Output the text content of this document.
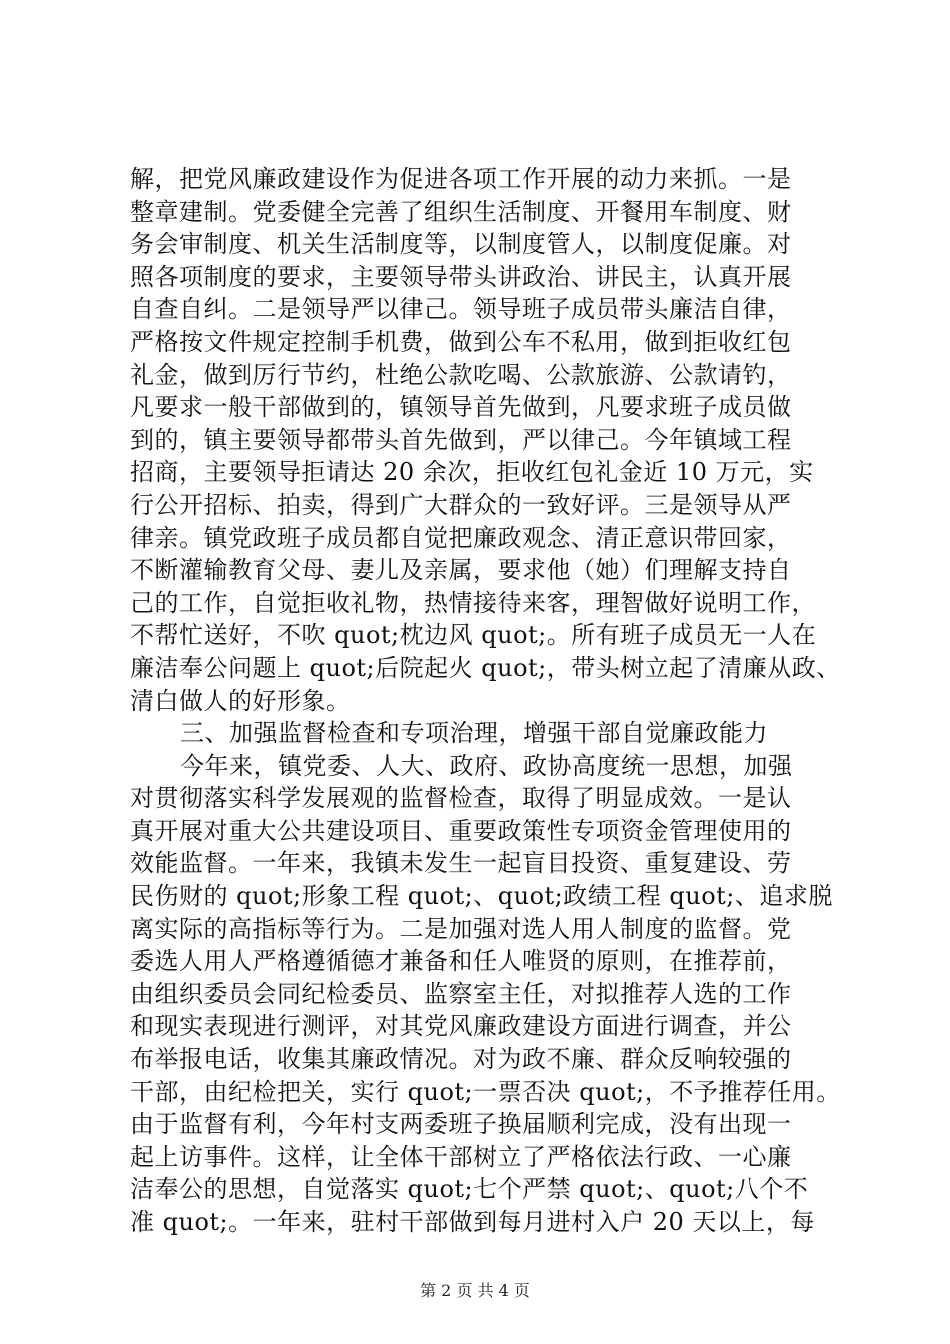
解，把党风廉政建设作为促进各项工作开展的动力来抓。一是
整章建制。党委健全完善了组织生活制度、开餐用车制度、财
务会审制度、机关生活制度等，以制度管人，以制度促廉。对
照各项制度的要求，主要领导带头讲政治、讲民主，认真开展
自查自纠。二是领导严以律己。领导班子成员带头廉洁自律，
严格按文件规定控制手机费，做到公车不私用，做到拒收红包
礼金，做到厉行节约，杜绝公款吃喝、公款旅游、公款请钓，
凡要求一般干部做到的，镇领导首先做到，凡要求班子成员做
到的，镇主要领导都带头首先做到，严以律己。今年镇域工程
招商，主要领导拒请达 20 余次，拒收红包礼金近 10 万元，实
行公开招标、拍卖，得到广大群众的一致好评。三是领导从严
律亲。镇党政班子成员都自觉把廉政观念、清正意识带回家，
不断灌输教育父母、妻儿及亲属，要求他（她）们理解支持自
己的工作，自觉拒收礼物，热情接待来客，理智做好说明工作，
不帮忙送好，不吹 quot;枕边风 quot;。所有班子成员无一人在
廉洁奉公问题上 quot;后院起火 quot;，带头树立起了清廉从政、
清白做人的好形象。
三、加强监督检查和专项治理，增强干部自觉廉政能力
今年来，镇党委、人大、政府、政协高度统一思想，加强
对贯彻落实科学发展观的监督检查，取得了明显成效。一是认
真开展对重大公共建设项目、重要政策性专项资金管理使用的
效能监督。一年来，我镇未发生一起盲目投资、重复建设、劳
民伤财的 quot;形象工程 quot;、quot;政绩工程 quot;、追求脱
离实际的高指标等行为。二是加强对选人用人制度的监督。党
委选人用人严格遵循德才兼备和任人唯贤的原则，在推荐前，
由组织委员会同纪检委员、监察室主任，对拟推荐人选的工作
和现实表现进行测评，对其党风廉政建设方面进行调查，并公
布举报电话，收集其廉政情况。对为政不廉、群众反响较强的
干部，由纪检把关，实行 quot;一票否决 quot;，不予推荐任用。
由于监督有利，今年村支两委班子换届顺利完成，没有出现一
起上访事件。这样，让全体干部树立了严格依法行政、一心廉
洁奉公的思想，自觉落实 quot;七个严禁 quot;、quot;八个不
准 quot;。一年来，驻村干部做到每月进村入户 20 天以上，每
第 2 页 共 4 页
